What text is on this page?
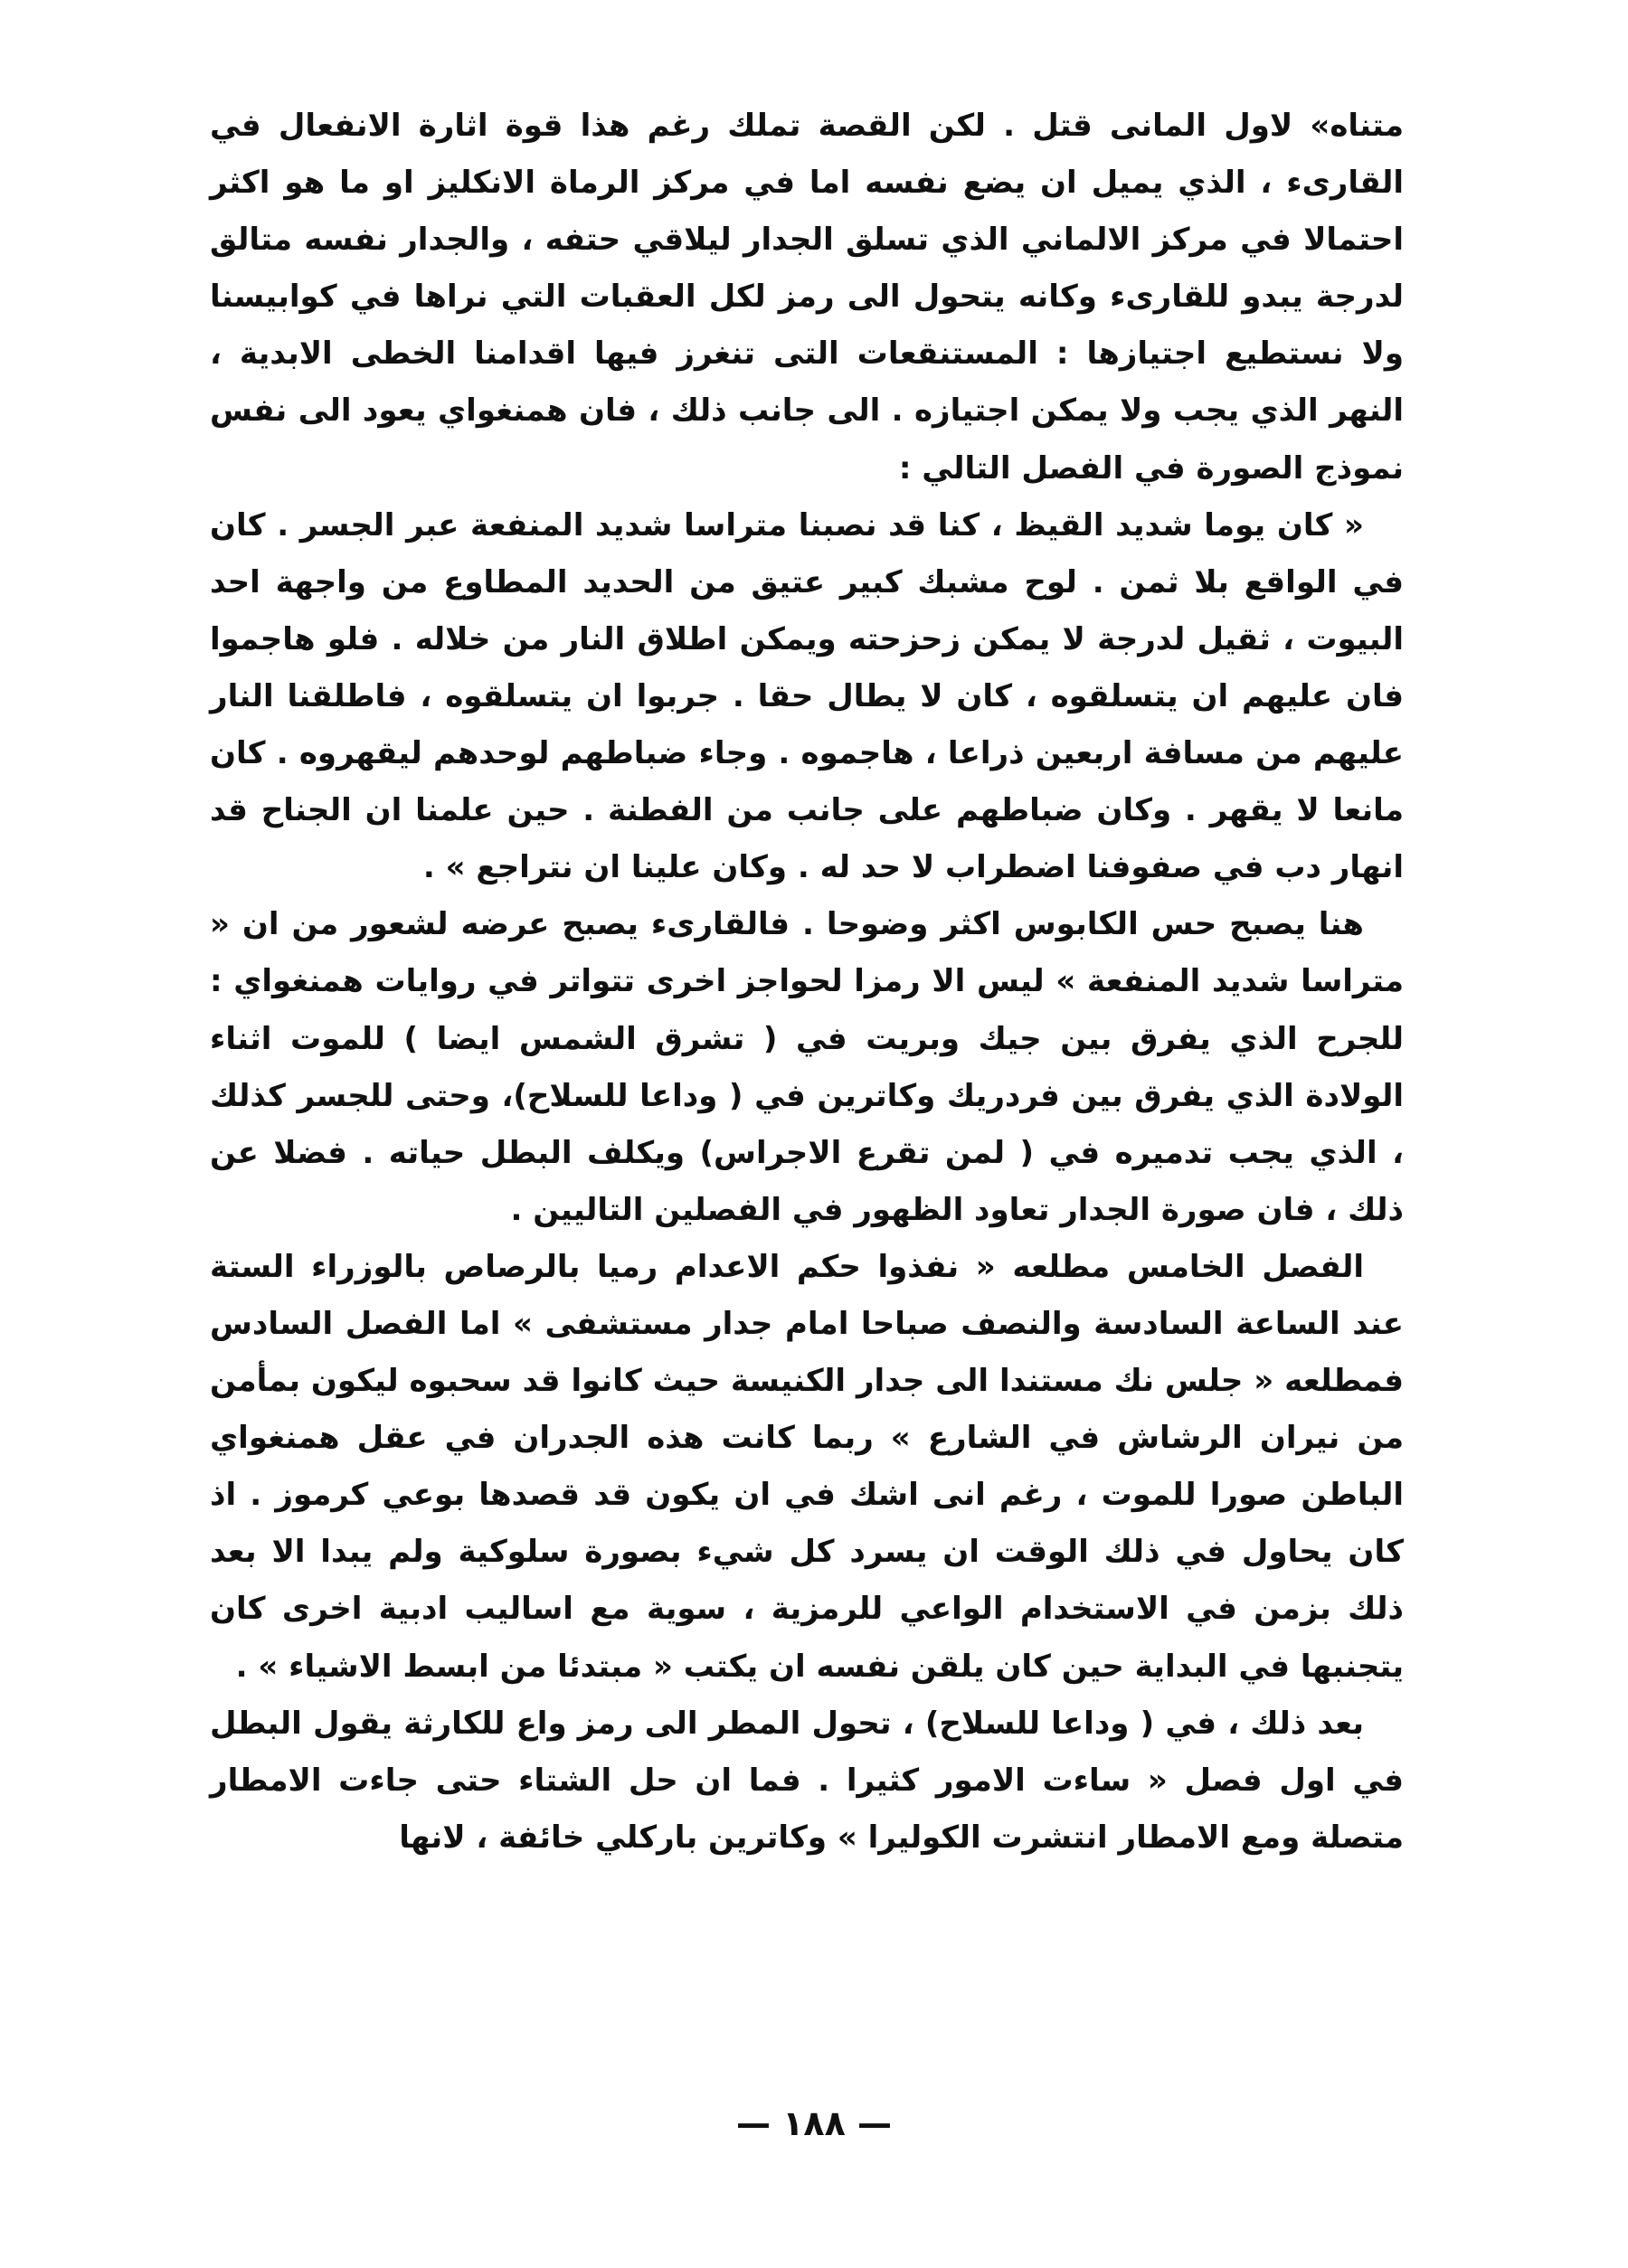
متناه» لاول المانى قتل . لكن القصة تملك رغم هذا قوة اثارة الانفعال في القارىء ، الذي يميل ان يضع نفسه اما في مركز الرماة الانكليز او ما هو اكثر احتمالا في مركز الالماني الذي تسلق الجدار ليلاقي حتفه ، والجدار نفسه متالق لدرجة يبدو للقارىء وكانه يتحول الى رمز لكل العقبات التي نراها في كوابيسنا ولا نستطيع اجتيازها : المستنقعات التى تنغرز فيها اقدامنا الخطى الابدية ، النهر الذي يجب ولا يمكن اجتيازه . الى جانب ذلك ، فان همنغواي يعود الى نفس نموذج الصورة في الفصل التالي :

« كان يوما شديد القيظ ، كنا قد نصبنا متراسا شديد المنفعة عبر الجسر . كان في الواقع بلا ثمن . لوح مشبك كبير عتيق من الحديد المطاوع من واجهة احد البيوت ، ثقيل لدرجة لا يمكن زحزحته ويمكن اطلاق النار من خلاله . فلو هاجموا فان عليهم ان يتسلقوه ، كان لا يطال حقا . جربوا ان يتسلقوه ، فاطلقنا النار عليهم من مسافة اربعين ذراعا ، هاجموه . وجاء ضباطهم لوحدهم ليقهروه . كان مانعا لا يقهر . وكان ضباطهم على جانب من الفطنة . حين علمنا ان الجناح قد انهار دب في صفوفنا اضطراب لا حد له . وكان علينا ان نتراجع » .

هنا يصبح حس الكابوس اكثر وضوحا . فالقارىء يصبح عرضه لشعور من ان « متراسا شديد المنفعة » ليس الا رمزا لحواجز اخرى تتواتر في روايات همنغواي : للجرح الذي يفرق بين جيك وبريت في ( تشرق الشمس ايضا ) للموت اثناء الولادة الذي يفرق بين فردريك وكاترين في ( وداعا للسلاح)، وحتى للجسر كذلك ، الذي يجب تدميره في ( لمن تقرع الاجراس) ويكلف البطل حياته . فضلا عن ذلك ، فان صورة الجدار تعاود الظهور في الفصلين التاليين .

الفصل الخامس مطلعه « نفذوا حكم الاعدام رميا بالرصاص بالوزراء الستة عند الساعة السادسة والنصف صباحا امام جدار مستشفى » اما الفصل السادس فمطلعه « جلس نك مستندا الى جدار الكنيسة حيث كانوا قد سحبوه ليكون بمأمن من نيران الرشاش في الشارع » ربما كانت هذه الجدران في عقل همنغواي الباطن صورا للموت ، رغم انى اشك في ان يكون قد قصدها بوعي كرموز . اذ كان يحاول في ذلك الوقت ان يسرد كل شيء بصورة سلوكية ولم يبدا الا بعد ذلك بزمن في الاستخدام الواعي للرمزية ، سوية مع اساليب ادبية اخرى كان يتجنبها في البداية حين كان يلقن نفسه ان يكتب « مبتدئا من ابسط الاشياء » .

بعد ذلك ، في ( وداعا للسلاح) ، تحول المطر الى رمز واع للكارثة يقول البطل في اول فصل « ساءت الامور كثيرا . فما ان حل الشتاء حتى جاءت الامطار متصلة ومع الامطار انتشرت الكوليرا » وكاترين باركلي خائفة ، لانها

— ١٨٨ —
